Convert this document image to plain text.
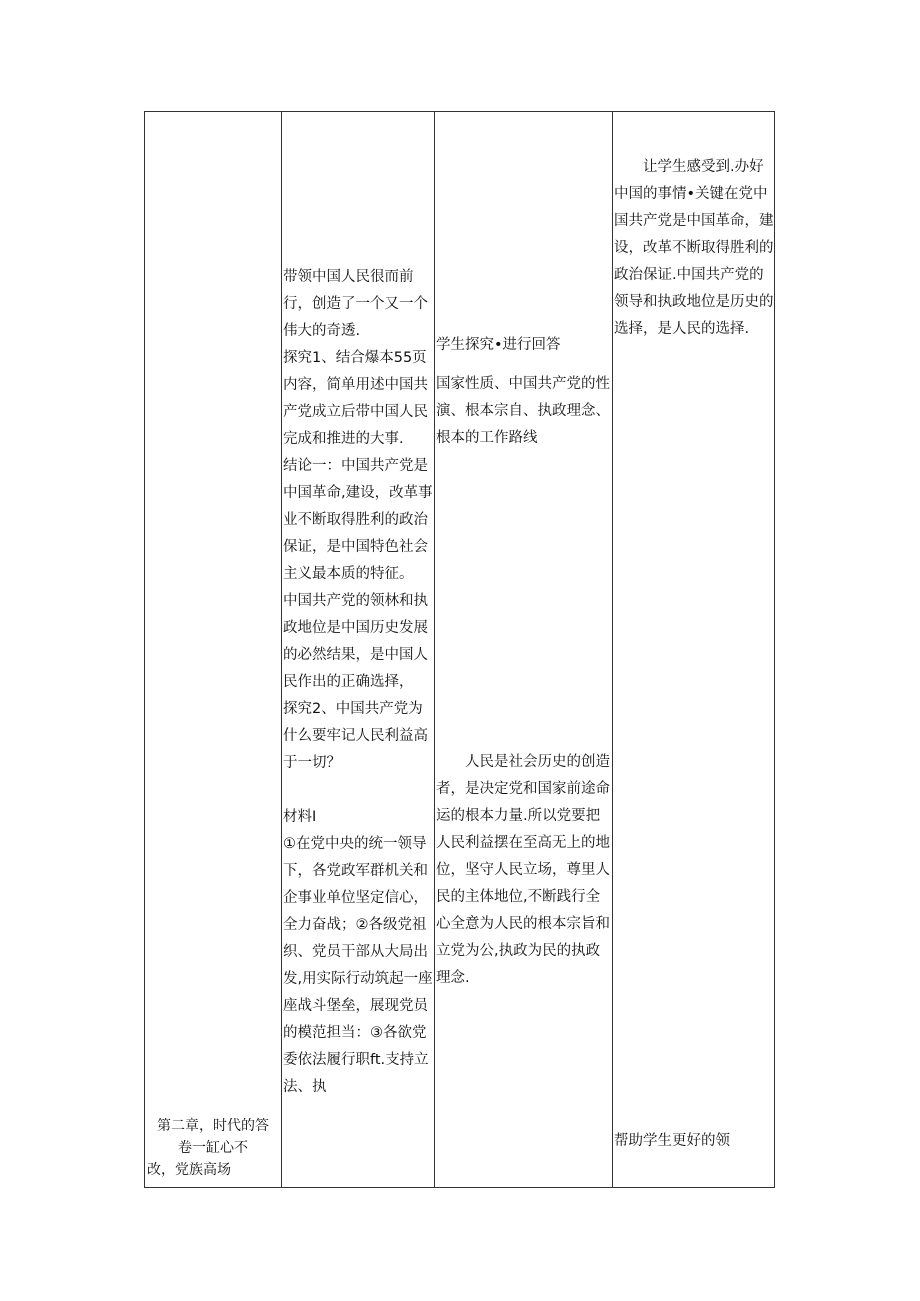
第二章，时代的答
卷一缸心不
改，党族高场

带领中国人民很而前行，创造了一个又一个伟大的奇透.

探究1、结合爆本55页内容，简单用述中国共产党成立后带中国人民完成和推进的大事.

结论一：中国共产党是中国革命,建设，改革事业不断取得胜利的政治保证，是中国特色社会主义最本质的特征。

中国共产党的领林和执政地位是中国历史发展的必然结果，是中国人民作出的正确选择，

探究2、中国共产党为什么要牢记人民利益高于一切？

材料I

①在党中央的统一领导下，各党政军群机关和企事业单位坚定信心，全力奋战；②各级党祖织、党员干部从大局出发,用实际行动筑起一座座战斗堡垒，展现党员的模范担当：③各欲党委依法履行职ft.支持立法、执

学生探究•进行回答

国家性质、中国共产党的性演、根本宗自、执政理念、根本的工作路线

人民是社会历史的创造者，是决定党和国家前途命运的根本力量.所以党要把人民利益摆在至高无上的地位，坚守人民立场，尊里人民的主体地位,不断践行全心全意为人民的根本宗旨和立党为公,执政为民的执政理念.
让学生感受到.办好中国的事情•关键在党中国共产党是中国革命，建设，改革不断取得胜利的政治保证.中国共产党的领导和执政地位是历史的选择，是人民的选择.
帮助学生更好的领
